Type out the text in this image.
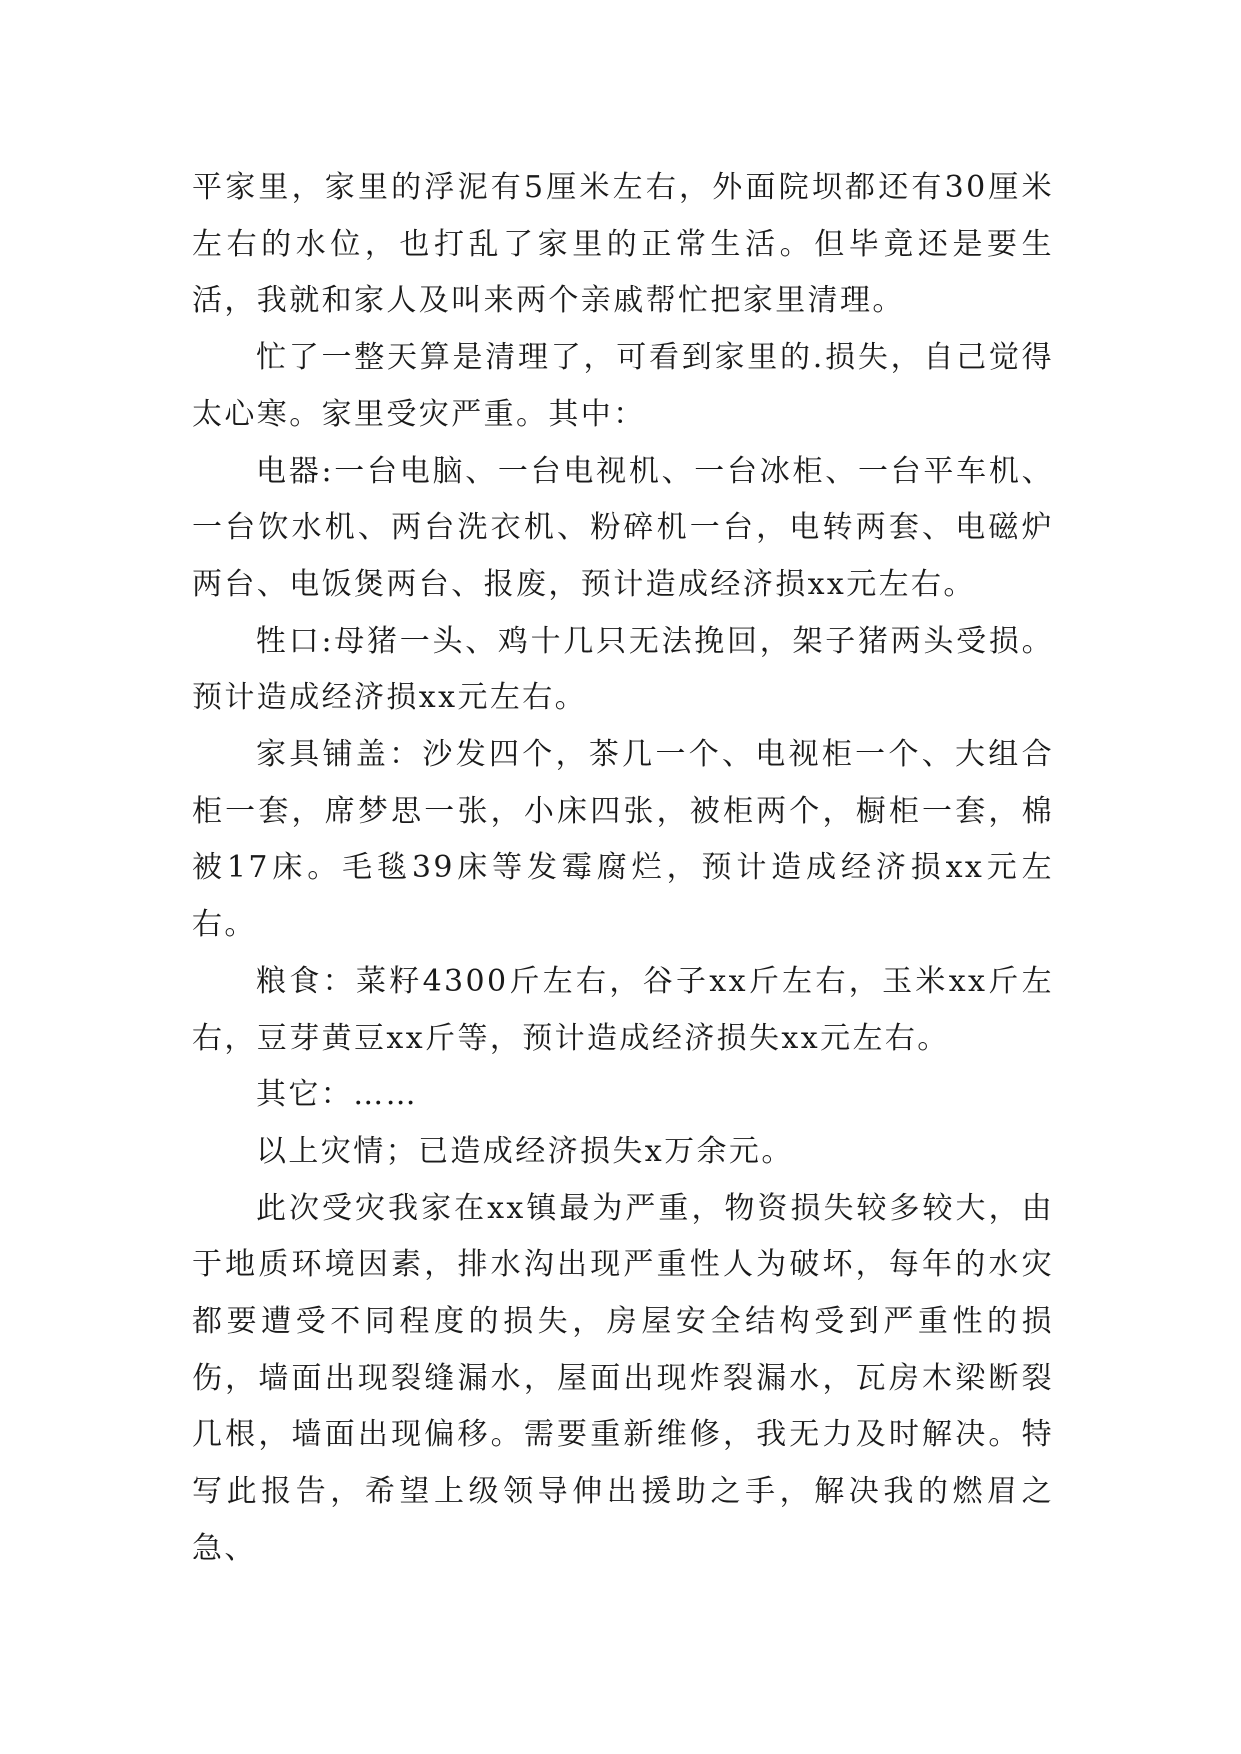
平家里，家里的浮泥有5厘米左右，外面院坝都还有30厘米左右的水位，也打乱了家里的正常生活。但毕竟还是要生活，我就和家人及叫来两个亲戚帮忙把家里清理。

忙了一整天算是清理了，可看到家里的.损失，自己觉得太心寒。家里受灾严重。其中：

电器:一台电脑、一台电视机、一台冰柜、一台平车机、一台饮水机、两台洗衣机、粉碎机一台，电转两套、电磁炉两台、电饭煲两台、报废，预计造成经济损xx元左右。

牲口:母猪一头、鸡十几只无法挽回，架子猪两头受损。预计造成经济损xx元左右。

家具铺盖：沙发四个，茶几一个、电视柜一个、大组合柜一套，席梦思一张，小床四张，被柜两个，橱柜一套，棉被17床。毛毯39床等发霉腐烂，预计造成经济损xx元左右。

粮食：菜籽4300斤左右，谷子xx斤左右，玉米xx斤左右，豆芽黄豆xx斤等，预计造成经济损失xx元左右。

其它：……

以上灾情；已造成经济损失x万余元。

此次受灾我家在xx镇最为严重，物资损失较多较大，由于地质环境因素，排水沟出现严重性人为破坏，每年的水灾都要遭受不同程度的损失，房屋安全结构受到严重性的损伤，墙面出现裂缝漏水，屋面出现炸裂漏水，瓦房木梁断裂几根，墙面出现偏移。需要重新维修，我无力及时解决。特写此报告，希望上级领导伸出援助之手，解决我的燃眉之急、
